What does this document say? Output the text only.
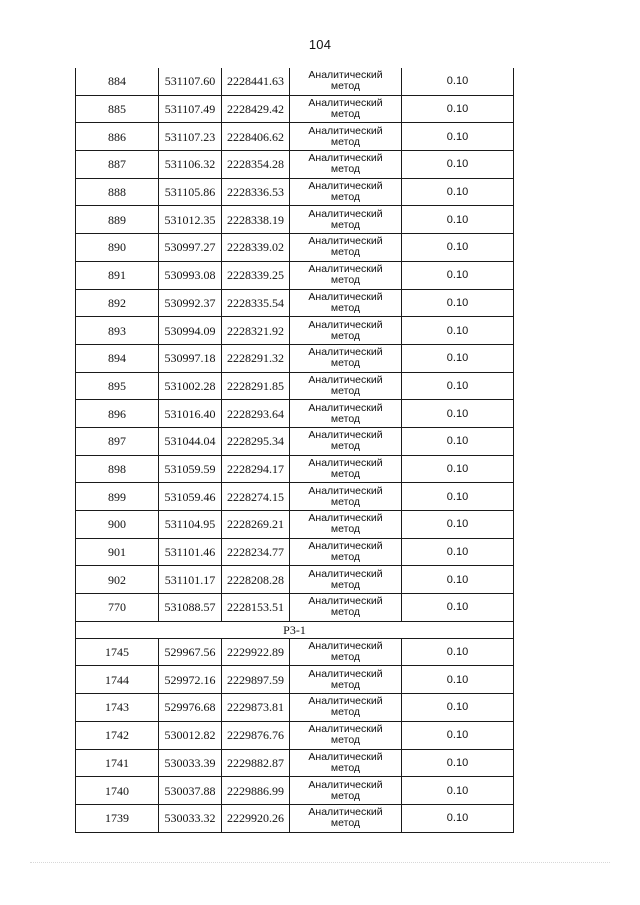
104
884	531107.60	2228441.63	Аналитический метод	0.10
885	531107.49	2228429.42	Аналитический метод	0.10
886	531107.23	2228406.62	Аналитический метод	0.10
887	531106.32	2228354.28	Аналитический метод	0.10
888	531105.86	2228336.53	Аналитический метод	0.10
889	531012.35	2228338.19	Аналитический метод	0.10
890	530997.27	2228339.02	Аналитический метод	0.10
891	530993.08	2228339.25	Аналитический метод	0.10
892	530992.37	2228335.54	Аналитический метод	0.10
893	530994.09	2228321.92	Аналитический метод	0.10
894	530997.18	2228291.32	Аналитический метод	0.10
895	531002.28	2228291.85	Аналитический метод	0.10
896	531016.40	2228293.64	Аналитический метод	0.10
897	531044.04	2228295.34	Аналитический метод	0.10
898	531059.59	2228294.17	Аналитический метод	0.10
899	531059.46	2228274.15	Аналитический метод	0.10
900	531104.95	2228269.21	Аналитический метод	0.10
901	531101.46	2228234.77	Аналитический метод	0.10
902	531101.17	2228208.28	Аналитический метод	0.10
770	531088.57	2228153.51	Аналитический метод	0.10
Р3-1				
1745	529967.56	2229922.89	Аналитический метод	0.10
1744	529972.16	2229897.59	Аналитический метод	0.10
1743	529976.68	2229873.81	Аналитический метод	0.10
1742	530012.82	2229876.76	Аналитический метод	0.10
1741	530033.39	2229882.87	Аналитический метод	0.10
1740	530037.88	2229886.99	Аналитический метод	0.10
1739	530033.32	2229920.26	Аналитический метод	0.10
